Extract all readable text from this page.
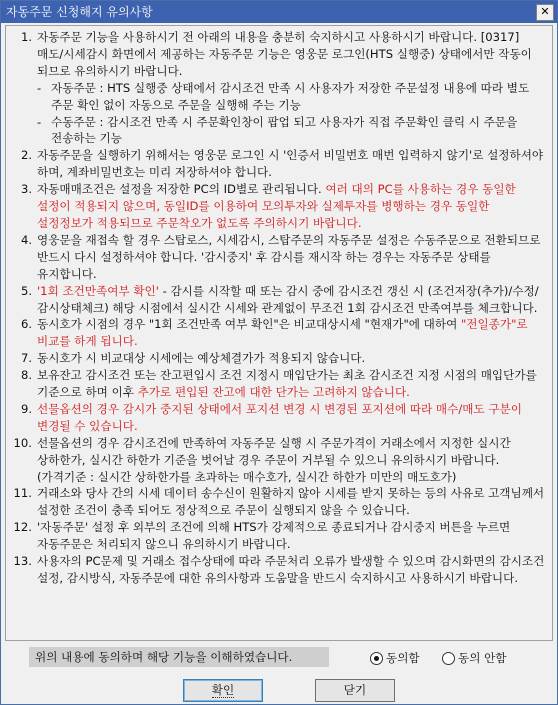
자동주문 신청해지 유의사항	✕
1. 자동주문 기능을 사용하시기 전 아래의 내용을 충분히 숙지하시고 사용하시기 바랍니다. [0317] 매도/시세감시 화면에서 제공하는 자동주문 기능은 영웅문 로그인(HTS 실행중) 상태에서만 작동이 되므로 유의하시기 바랍니다.
- 자동주문 : HTS 실행중 상태에서 감시조건 만족 시 사용자가 저장한 주문설정 내용에 따라 별도 주문 확인 없이 자동으로 주문을 실행해 주는 기능
- 수동주문 : 감시조건 만족 시 주문확인창이 팝업 되고 사용자가 직접 주문확인 클릭 시 주문을 전송하는 기능
2. 자동주문을 실행하기 위해서는 영웅문 로그인 시 '인증서 비밀번호 매번 입력하지 않기'로 설정하셔야 하며, 계좌비밀번호는 미리 저장하셔야 합니다.
3. 자동매매조건은 설정을 저장한 PC의 ID별로 관리됩니다. 여러 대의 PC를 사용하는 경우 동일한 설정이 적용되지 않으며, 동일ID를 이용하여 모의투자와 실제투자를 병행하는 경우 동일한 설정정보가 적용되므로 주문착오가 없도록 주의하시기 바랍니다.
4. 영웅문을 재접속 할 경우 스탑로스, 시세감시, 스탑주문의 자동주문 설정은 수동주문으로 전환되므로 반드시 다시 설정하셔야 합니다. '감시중지' 후 감시를 재시작 하는 경우는 자동주문 상태를 유지합니다.
5. '1회 조건만족여부 확인' - 감시를 시작할 때 또는 감시 중에 감시조건 갱신 시 (조건저장(추가)/수정/감시상태체크) 해당 시점에서 실시간 시세와 관계없이 무조건 1회 감시조건 만족여부를 체크합니다.
6. 동시호가 시점의 경우 "1회 조건만족 여부 확인"은 비교대상시세 "현재가"에 대하여 "전일종가"로 비교를 하게 됩니다.
7. 동시호가 시 비교대상 시세에는 예상체결가가 적용되지 않습니다.
8. 보유잔고 감시조건 또는 잔고편입시 조건 지정시 매입단가는 최초 감시조건 지정 시점의 매입단가를 기준으로 하며 이후 추가로 편입된 잔고에 대한 단가는 고려하지 않습니다.
9. 선물옵션의 경우 감시가 중지된 상태에서 포지션 변경 시 변경된 포지션에 따라 매수/매도 구분이 변경될 수 있습니다.
10. 선물옵션의 경우 감시조건에 만족하여 자동주문 실행 시 주문가격이 거래소에서 지정한 실시간 상하한가, 실시간 하한가 기준을 벗어날 경우 주문이 거부될 수 있으니 유의하시기 바랍니다. (가격기준 : 실시간 상하한가를 초과하는 매수호가, 실시간 하한가 미만의 매도호가)
11. 거래소와 당사 간의 시세 데이터 송수신이 원활하지 않아 시세를 받지 못하는 등의 사유로 고객님께서 설정한 조건이 충족 되어도 정상적으로 주문이 실행되지 않을 수 있습니다.
12. '자동주문' 설정 후 외부의 조건에 의해 HTS가 강제적으로 종료되거나 감시중지 버튼을 누르면 자동주문은 처리되지 않으니 유의하시기 바랍니다.
13. 사용자의 PC문제 및 거래소 접수상태에 따라 주문처리 오류가 발생할 수 있으며 감시화면의 감시조건 설정, 감시방식, 자동주문에 대한 유의사항과 도움말을 반드시 숙지하시고 사용하시기 바랍니다.
위의 내용에 동의하며 해당 기능을 이해하였습니다.	동의함	동의 안함
확인	닫기
